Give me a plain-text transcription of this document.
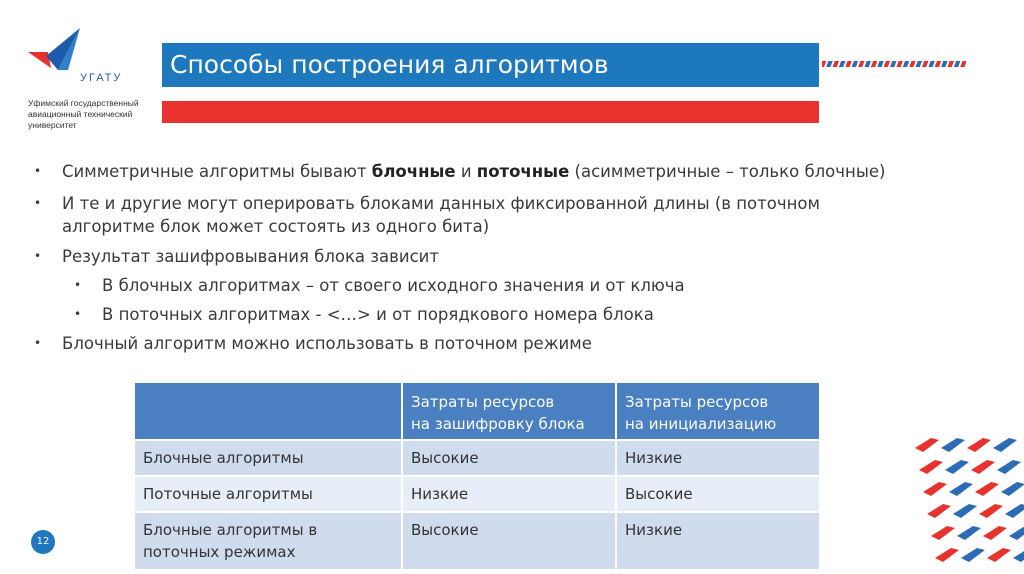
УГАТУ
Уфимский государственный авиационный технический университет
Способы построения алгоритмов
• Симметричные алгоритмы бывают блочные и поточные (асимметричные – только блочные)
• И те и другие могут оперировать блоками данных фиксированной длины (в поточном
алгоритме блок может состоять из одного бита)
• Результат зашифровывания блока зависит
• В блочных алгоритмах – от своего исходного значения и от ключа
• В поточных алгоритмах - <…> и от порядкового номера блока
• Блочный алгоритм можно использовать в поточном режиме
	Затраты ресурсов
на зашифровку блока	Затраты ресурсов
на инициализацию
Блочные алгоритмы	Высокие	Низкие
Поточные алгоритмы	Низкие	Высокие
Блочные алгоритмы в
поточных режимах	Высокие	Низкие
12
